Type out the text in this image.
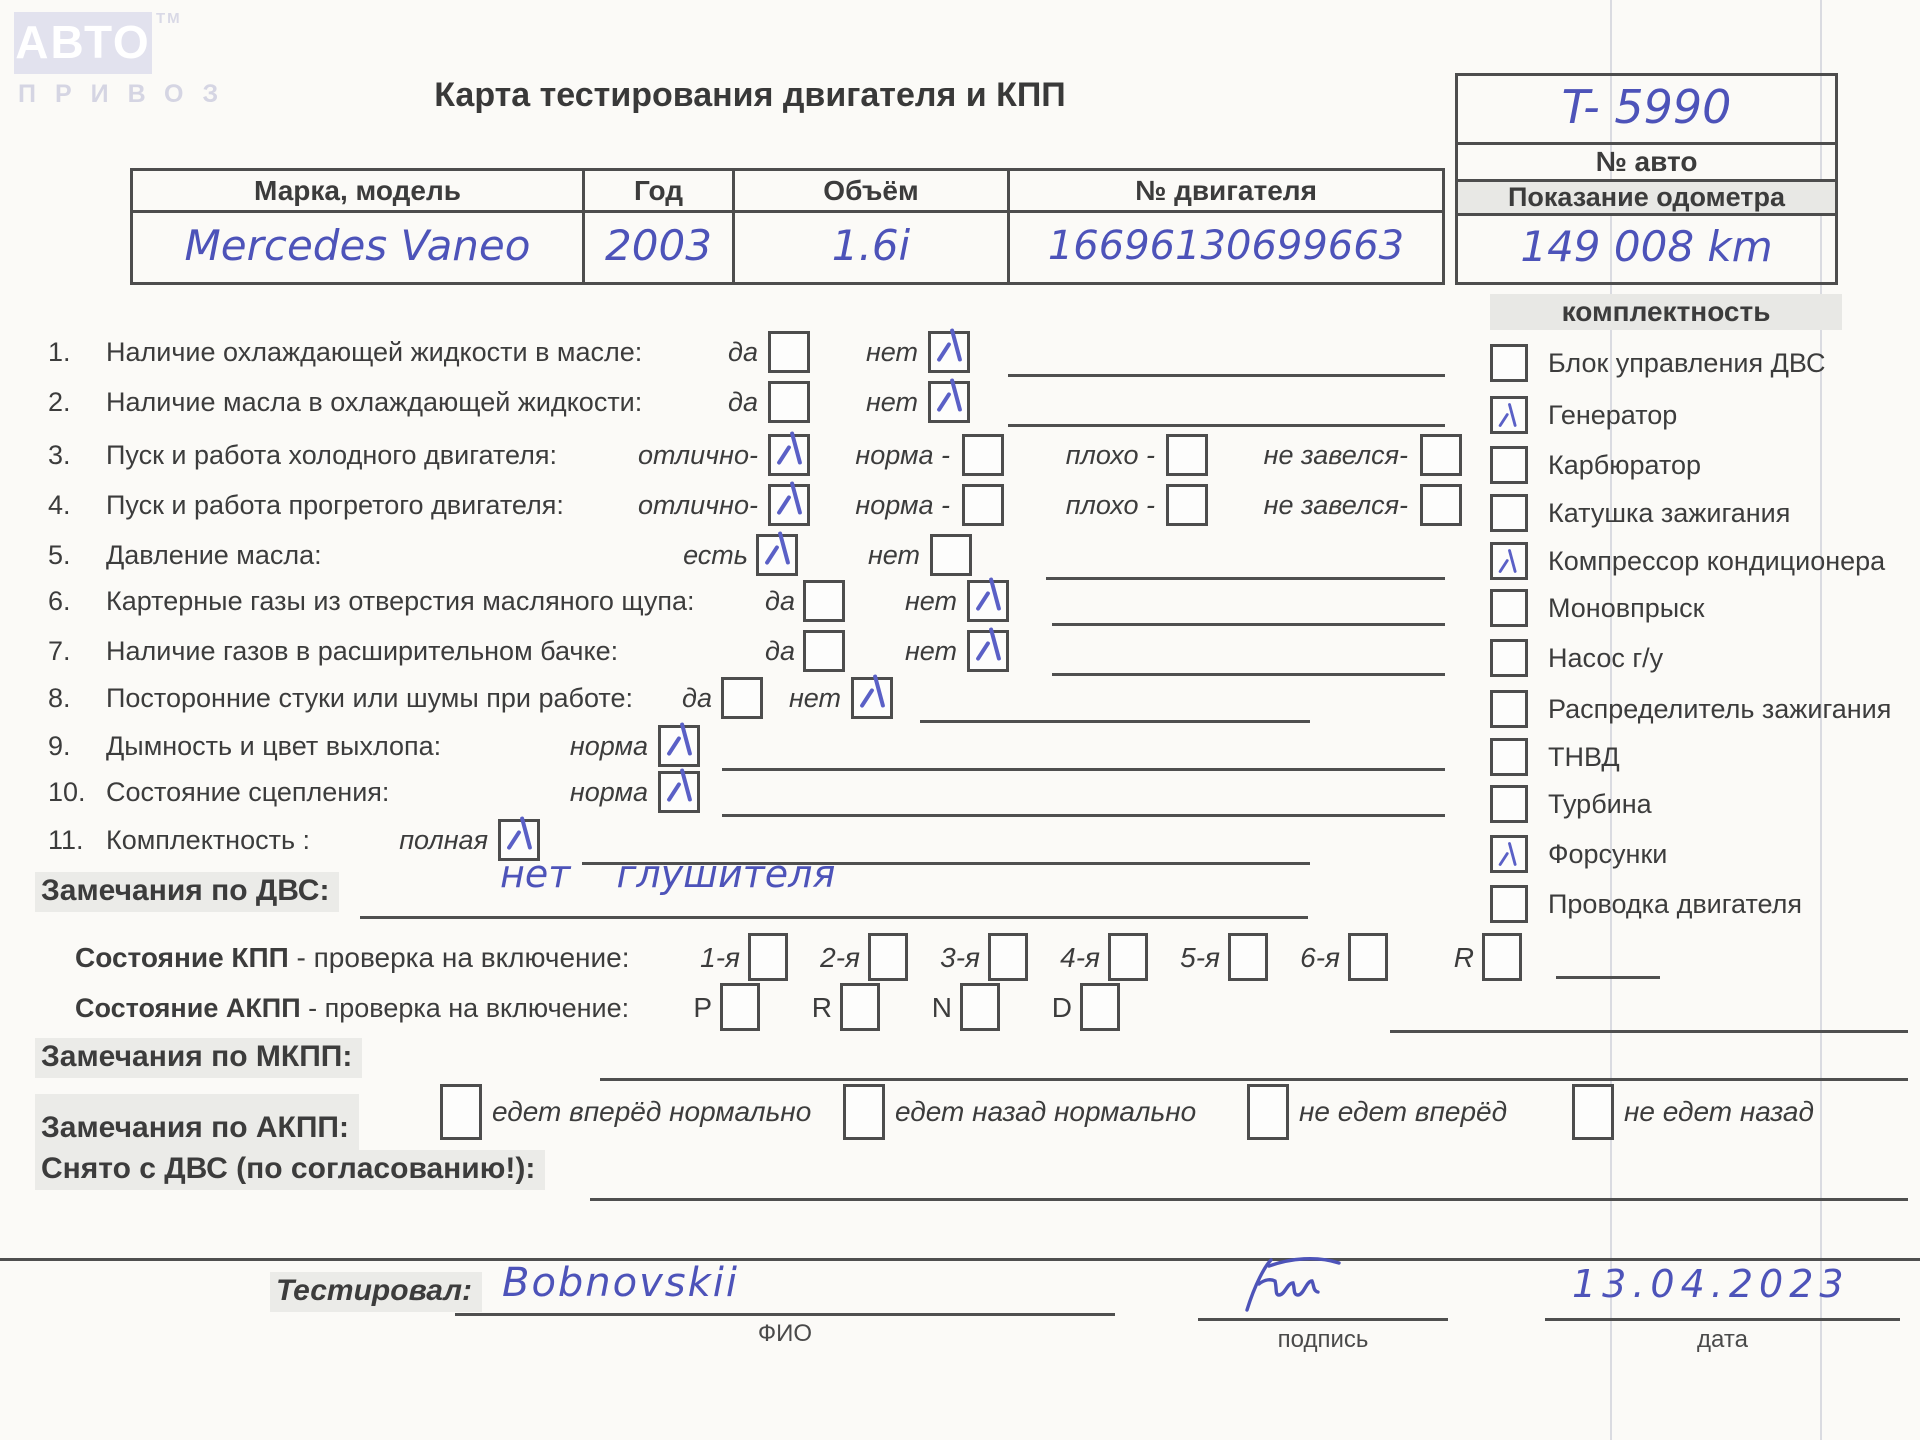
АВТО TM
ПРИВОЗ	Карта тестирования двигателя и КПП	T- 5990
№ авто
Показание одометра
149 008 km
Марка, модель	Год	Объём	№ двигателя
Mercedes Vaneo	2003	1.6i	16696130699663
комплектность
Блок управления ДВС
Генератор
Карбюратор
Катушка зажигания
Компрессор кондиционера
Моновпрыск
Насос г/у
Распределитель зажигания
ТНВД
Турбина
Форсунки
Проводка двигателя
1.	Наличие охлаждающей жидкости в масле:	да	нет
2.	Наличие масла в охлаждающей жидкости:	да	нет
3.	Пуск и работа холодного двигателя:	отлично-	норма -	плохо -	не завелся-
4.	Пуск и работа прогретого двигателя:	отлично-	норма -	плохо -	не завелся-
5.	Давление масла:	есть	нет
6.	Картерные газы из отверстия масляного щупа:	да	нет
7.	Наличие газов в расширительном бачке:	да	нет
8.	Посторонние стуки или шумы при работе:	да	нет
9.	Дымность и цвет выхлопа:	норма
10. Состояние сцепления:	норма
11. Комплектность :	полная
Замечания по ДВС:	нет глушителя
Состояние КПП - проверка на включение:	1-я	2-я	3-я	4-я	5-я	6-я	R
Состояние АКПП - проверка на включение:	P	R	N	D
Замечания по МКПП:
Замечания по АКПП:	едет вперёд нормально	едет назад нормально	не едет вперёд	не едет назад
Снято с ДВС (по согласованию!):
Тестировал: Bobnovskii
ФИО	подпись
13.04.2023
дата
